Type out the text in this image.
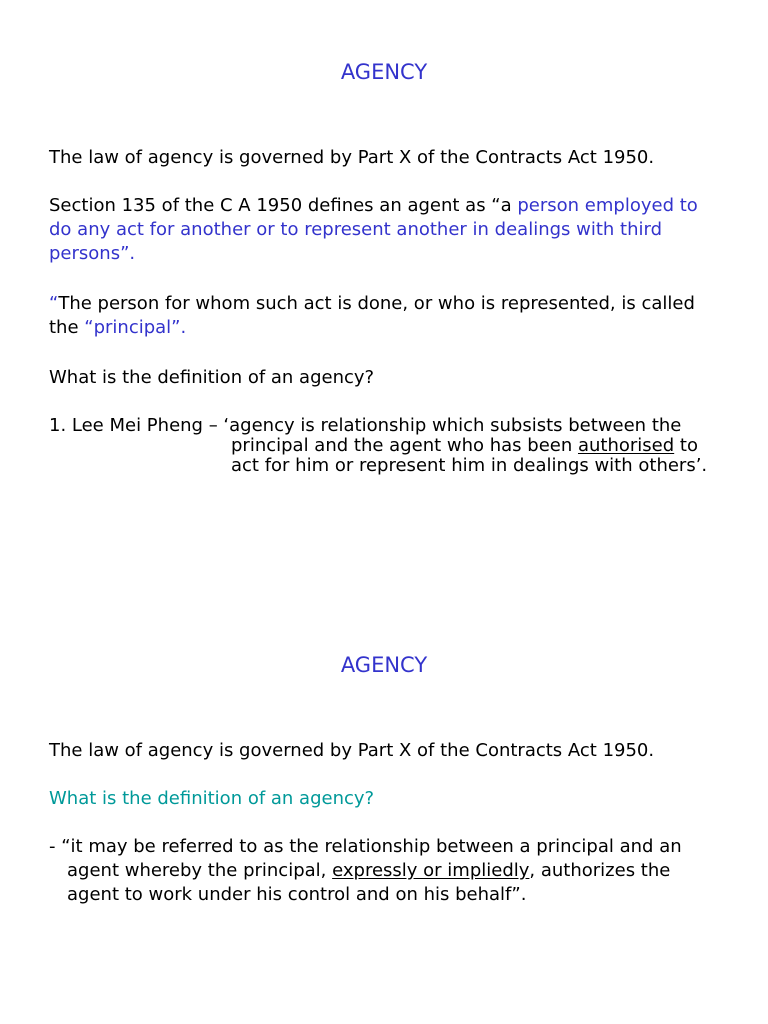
AGENCY
The law of agency is governed by Part X of the Contracts Act 1950.
Section 135 of the C A 1950 defines an agent as “a person employed to
do any act for another or to represent another in dealings with third
persons”.
“The person for whom such act is done, or who is represented, is called
the “principal”.
What is the definition of an agency?
1. Lee Mei Pheng – ‘agency is relationship which subsists between the
principal and the agent who has been authorised to
act for him or represent him in dealings with others’.
AGENCY
The law of agency is governed by Part X of the Contracts Act 1950.
What is the definition of an agency?
- “it may be referred to as the relationship between a principal and an
agent whereby the principal, expressly or impliedly, authorizes the
agent to work under his control and on his behalf”.
